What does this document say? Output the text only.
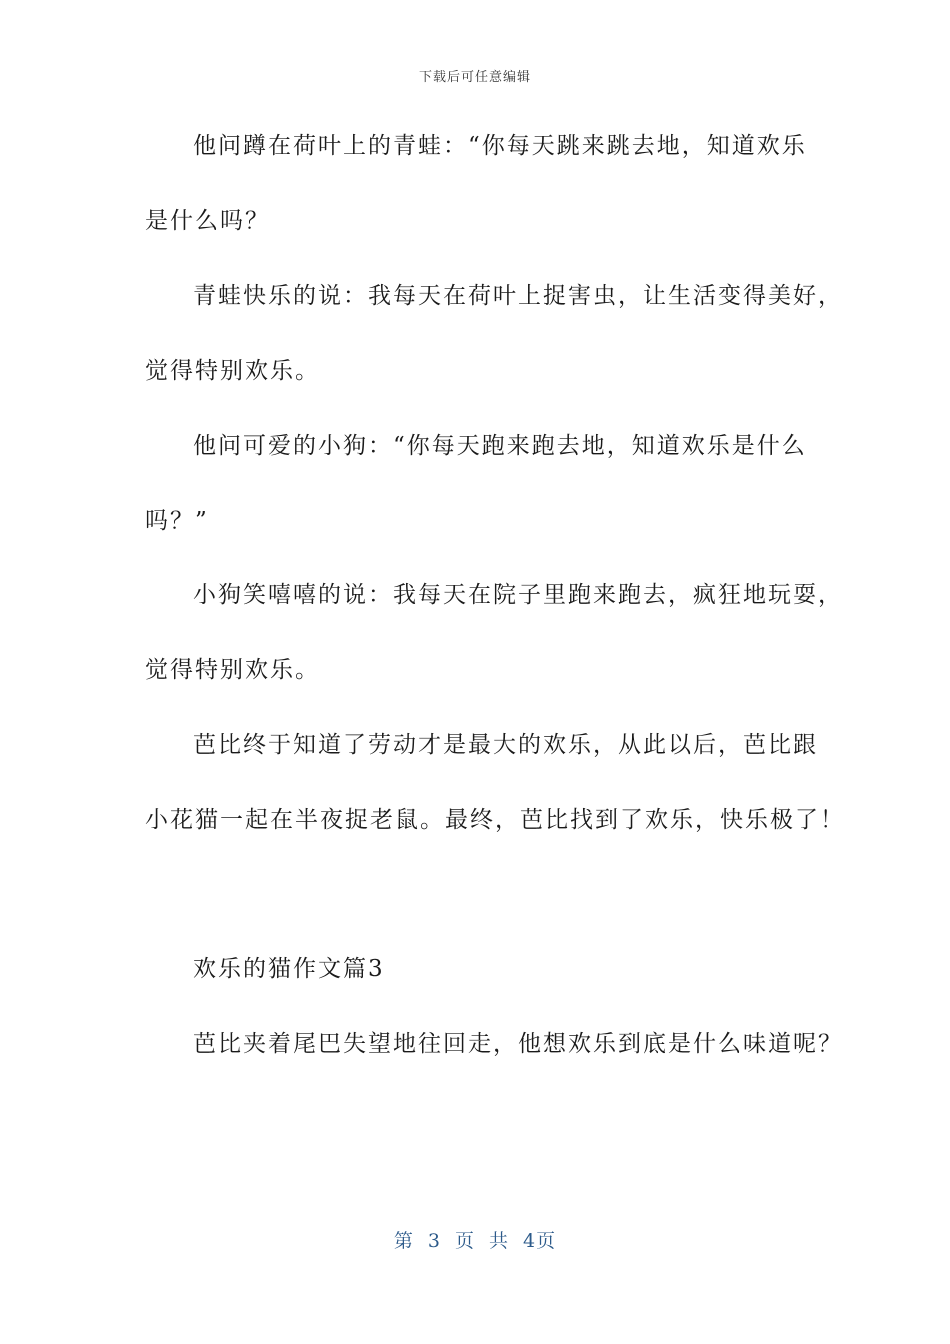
下载后可任意编辑
他问蹲在荷叶上的青蛙：“你每天跳来跳去地，知道欢乐
是什么吗？
青蛙快乐的说：我每天在荷叶上捉害虫，让生活变得美好，
觉得特别欢乐。
他问可爱的小狗：“你每天跑来跑去地，知道欢乐是什么
吗？”
小狗笑嘻嘻的说：我每天在院子里跑来跑去，疯狂地玩耍，
觉得特别欢乐。
芭比终于知道了劳动才是最大的欢乐，从此以后，芭比跟
小花猫一起在半夜捉老鼠。最终，芭比找到了欢乐，快乐极了！
欢乐的猫作文篇3
芭比夹着尾巴失望地往回走，他想欢乐到底是什么味道呢？
第 3 页 共 4页
